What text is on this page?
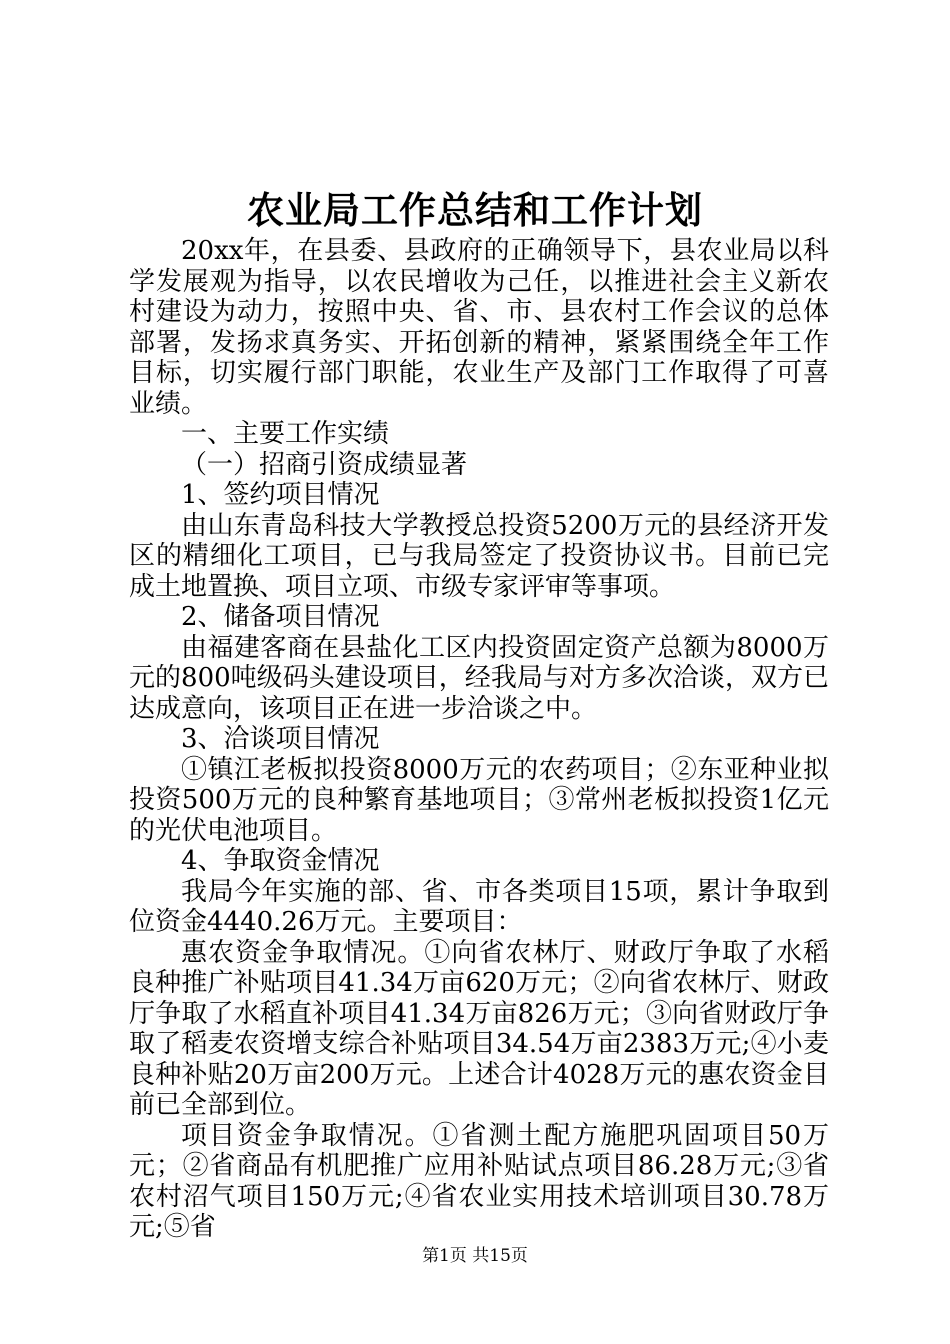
农业局工作总结和工作计划

20xx年，在县委、县政府的正确领导下，县农业局以科学发展观为指导，以农民增收为己任，以推进社会主义新农村建设为动力，按照中央、省、市、县农村工作会议的总体部署，发扬求真务实、开拓创新的精神，紧紧围绕全年工作目标，切实履行部门职能，农业生产及部门工作取得了可喜业绩。

一、主要工作实绩

（一）招商引资成绩显著

1、签约项目情况

由山东青岛科技大学教授总投资5200万元的县经济开发区的精细化工项目，已与我局签定了投资协议书。目前已完成土地置换、项目立项、市级专家评审等事项。

2、储备项目情况

由福建客商在县盐化工区内投资固定资产总额为8000万元的800吨级码头建设项目，经我局与对方多次洽谈，双方已达成意向，该项目正在进一步洽谈之中。

3、洽谈项目情况

①镇江老板拟投资8000万元的农药项目；②东亚种业拟投资500万元的良种繁育基地项目；③常州老板拟投资1亿元的光伏电池项目。

4、争取资金情况

我局今年实施的部、省、市各类项目15项，累计争取到位资金4440.26万元。主要项目：

惠农资金争取情况。①向省农林厅、财政厅争取了水稻良种推广补贴项目41.34万亩620万元；②向省农林厅、财政厅争取了水稻直补项目41.34万亩826万元；③向省财政厅争取了稻麦农资增支综合补贴项目34.54万亩2383万元;④小麦良种补贴20万亩200万元。上述合计4028万元的惠农资金目前已全部到位。

项目资金争取情况。①省测土配方施肥巩固项目50万元；②省商品有机肥推广应用补贴试点项目86.28万元;③省农村沼气项目150万元;④省农业实用技术培训项目30.78万元;⑤省

第1页 共15页
